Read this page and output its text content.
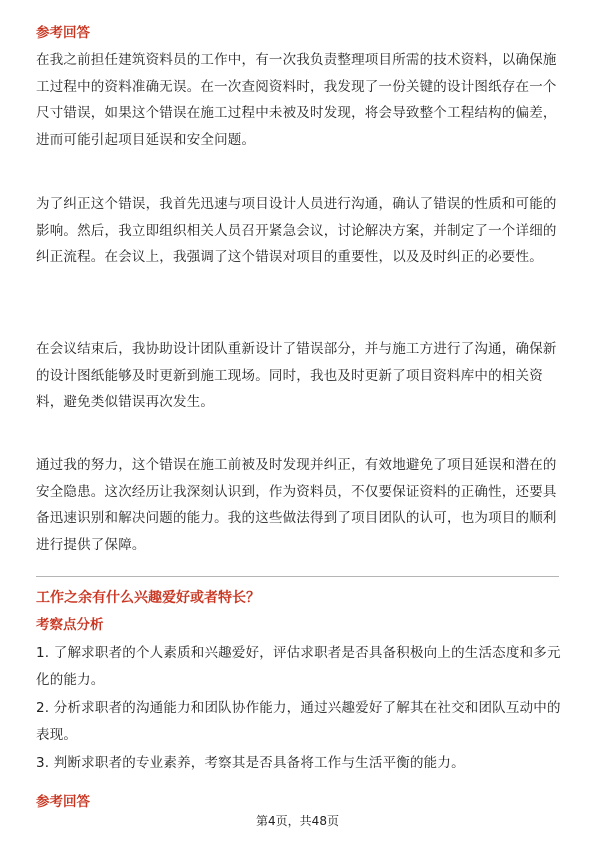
参考回答

在我之前担任建筑资料员的工作中，有一次我负责整理项目所需的技术资料，以确保施工过程中的资料准确无误。在一次查阅资料时，我发现了一份关键的设计图纸存在一个尺寸错误，如果这个错误在施工过程中未被及时发现，将会导致整个工程结构的偏差，进而可能引起项目延误和安全问题。

为了纠正这个错误，我首先迅速与项目设计人员进行沟通，确认了错误的性质和可能的影响。然后，我立即组织相关人员召开紧急会议，讨论解决方案，并制定了一个详细的纠正流程。在会议上，我强调了这个错误对项目的重要性，以及及时纠正的必要性。

在会议结束后，我协助设计团队重新设计了错误部分，并与施工方进行了沟通，确保新的设计图纸能够及时更新到施工现场。同时，我也及时更新了项目资料库中的相关资料，避免类似错误再次发生。

通过我的努力，这个错误在施工前被及时发现并纠正，有效地避免了项目延误和潜在的安全隐患。这次经历让我深刻认识到，作为资料员，不仅要保证资料的正确性，还要具备迅速识别和解决问题的能力。我的这些做法得到了项目团队的认可，也为项目的顺利进行提供了保障。

工作之余有什么兴趣爱好或者特长？
考察点分析
1. 了解求职者的个人素质和兴趣爱好，评估求职者是否具备积极向上的生活态度和多元化的能力。
2. 分析求职者的沟通能力和团队协作能力，通过兴趣爱好了解其在社交和团队互动中的表现。
3. 判断求职者的专业素养，考察其是否具备将工作与生活平衡的能力。
参考回答
第4页，共48页
